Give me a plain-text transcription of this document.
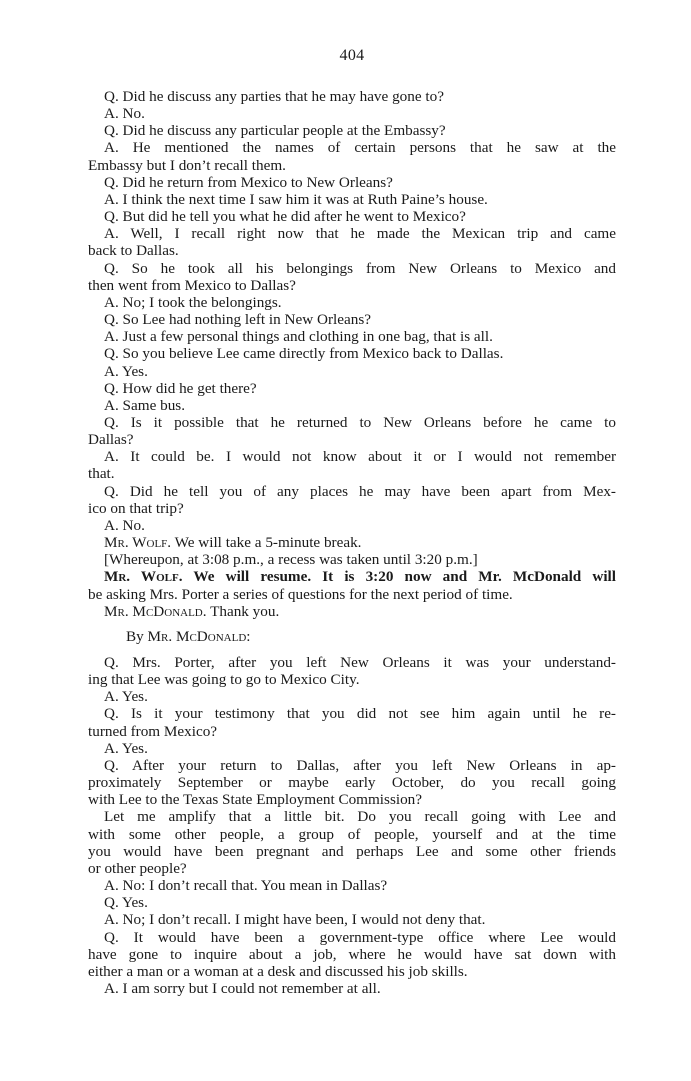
404
Q. Did he discuss any parties that he may have gone to?
A. No.
Q. Did he discuss any particular people at the Embassy?
A. He mentioned the names of certain persons that he saw at the
Embassy but I don’t recall them.
Q. Did he return from Mexico to New Orleans?
A. I think the next time I saw him it was at Ruth Paine’s house.
Q. But did he tell you what he did after he went to Mexico?
A. Well, I recall right now that he made the Mexican trip and came
back to Dallas.
Q. So he took all his belongings from New Orleans to Mexico and
then went from Mexico to Dallas?
A. No; I took the belongings.
Q. So Lee had nothing left in New Orleans?
A. Just a few personal things and clothing in one bag, that is all.
Q. So you believe Lee came directly from Mexico back to Dallas.
A. Yes.
Q. How did he get there?
A. Same bus.
Q. Is it possible that he returned to New Orleans before he came to
Dallas?
A. It could be. I would not know about it or I would not remember
that.
Q. Did he tell you of any places he may have been apart from Mex-
ico on that trip?
A. No.
Mr. Wolf. We will take a 5-minute break.
[Whereupon, at 3:08 p.m., a recess was taken until 3:20 p.m.]
Mr. Wolf. We will resume. It is 3:20 now and Mr. McDonald will
be asking Mrs. Porter a series of questions for the next period of time.
Mr. McDonald. Thank you.
By Mr. McDonald:
Q. Mrs. Porter, after you left New Orleans it was your understand-
ing that Lee was going to go to Mexico City.
A. Yes.
Q. Is it your testimony that you did not see him again until he re-
turned from Mexico?
A. Yes.
Q. After your return to Dallas, after you left New Orleans in ap-
proximately September or maybe early October, do you recall going
with Lee to the Texas State Employment Commission?
Let me amplify that a little bit. Do you recall going with Lee and
with some other people, a group of people, yourself and at the time
you would have been pregnant and perhaps Lee and some other friends
or other people?
A. No: I don’t recall that. You mean in Dallas?
Q. Yes.
A. No; I don’t recall. I might have been, I would not deny that.
Q. It would have been a government-type office where Lee would
have gone to inquire about a job, where he would have sat down with
either a man or a woman at a desk and discussed his job skills.
A. I am sorry but I could not remember at all.
